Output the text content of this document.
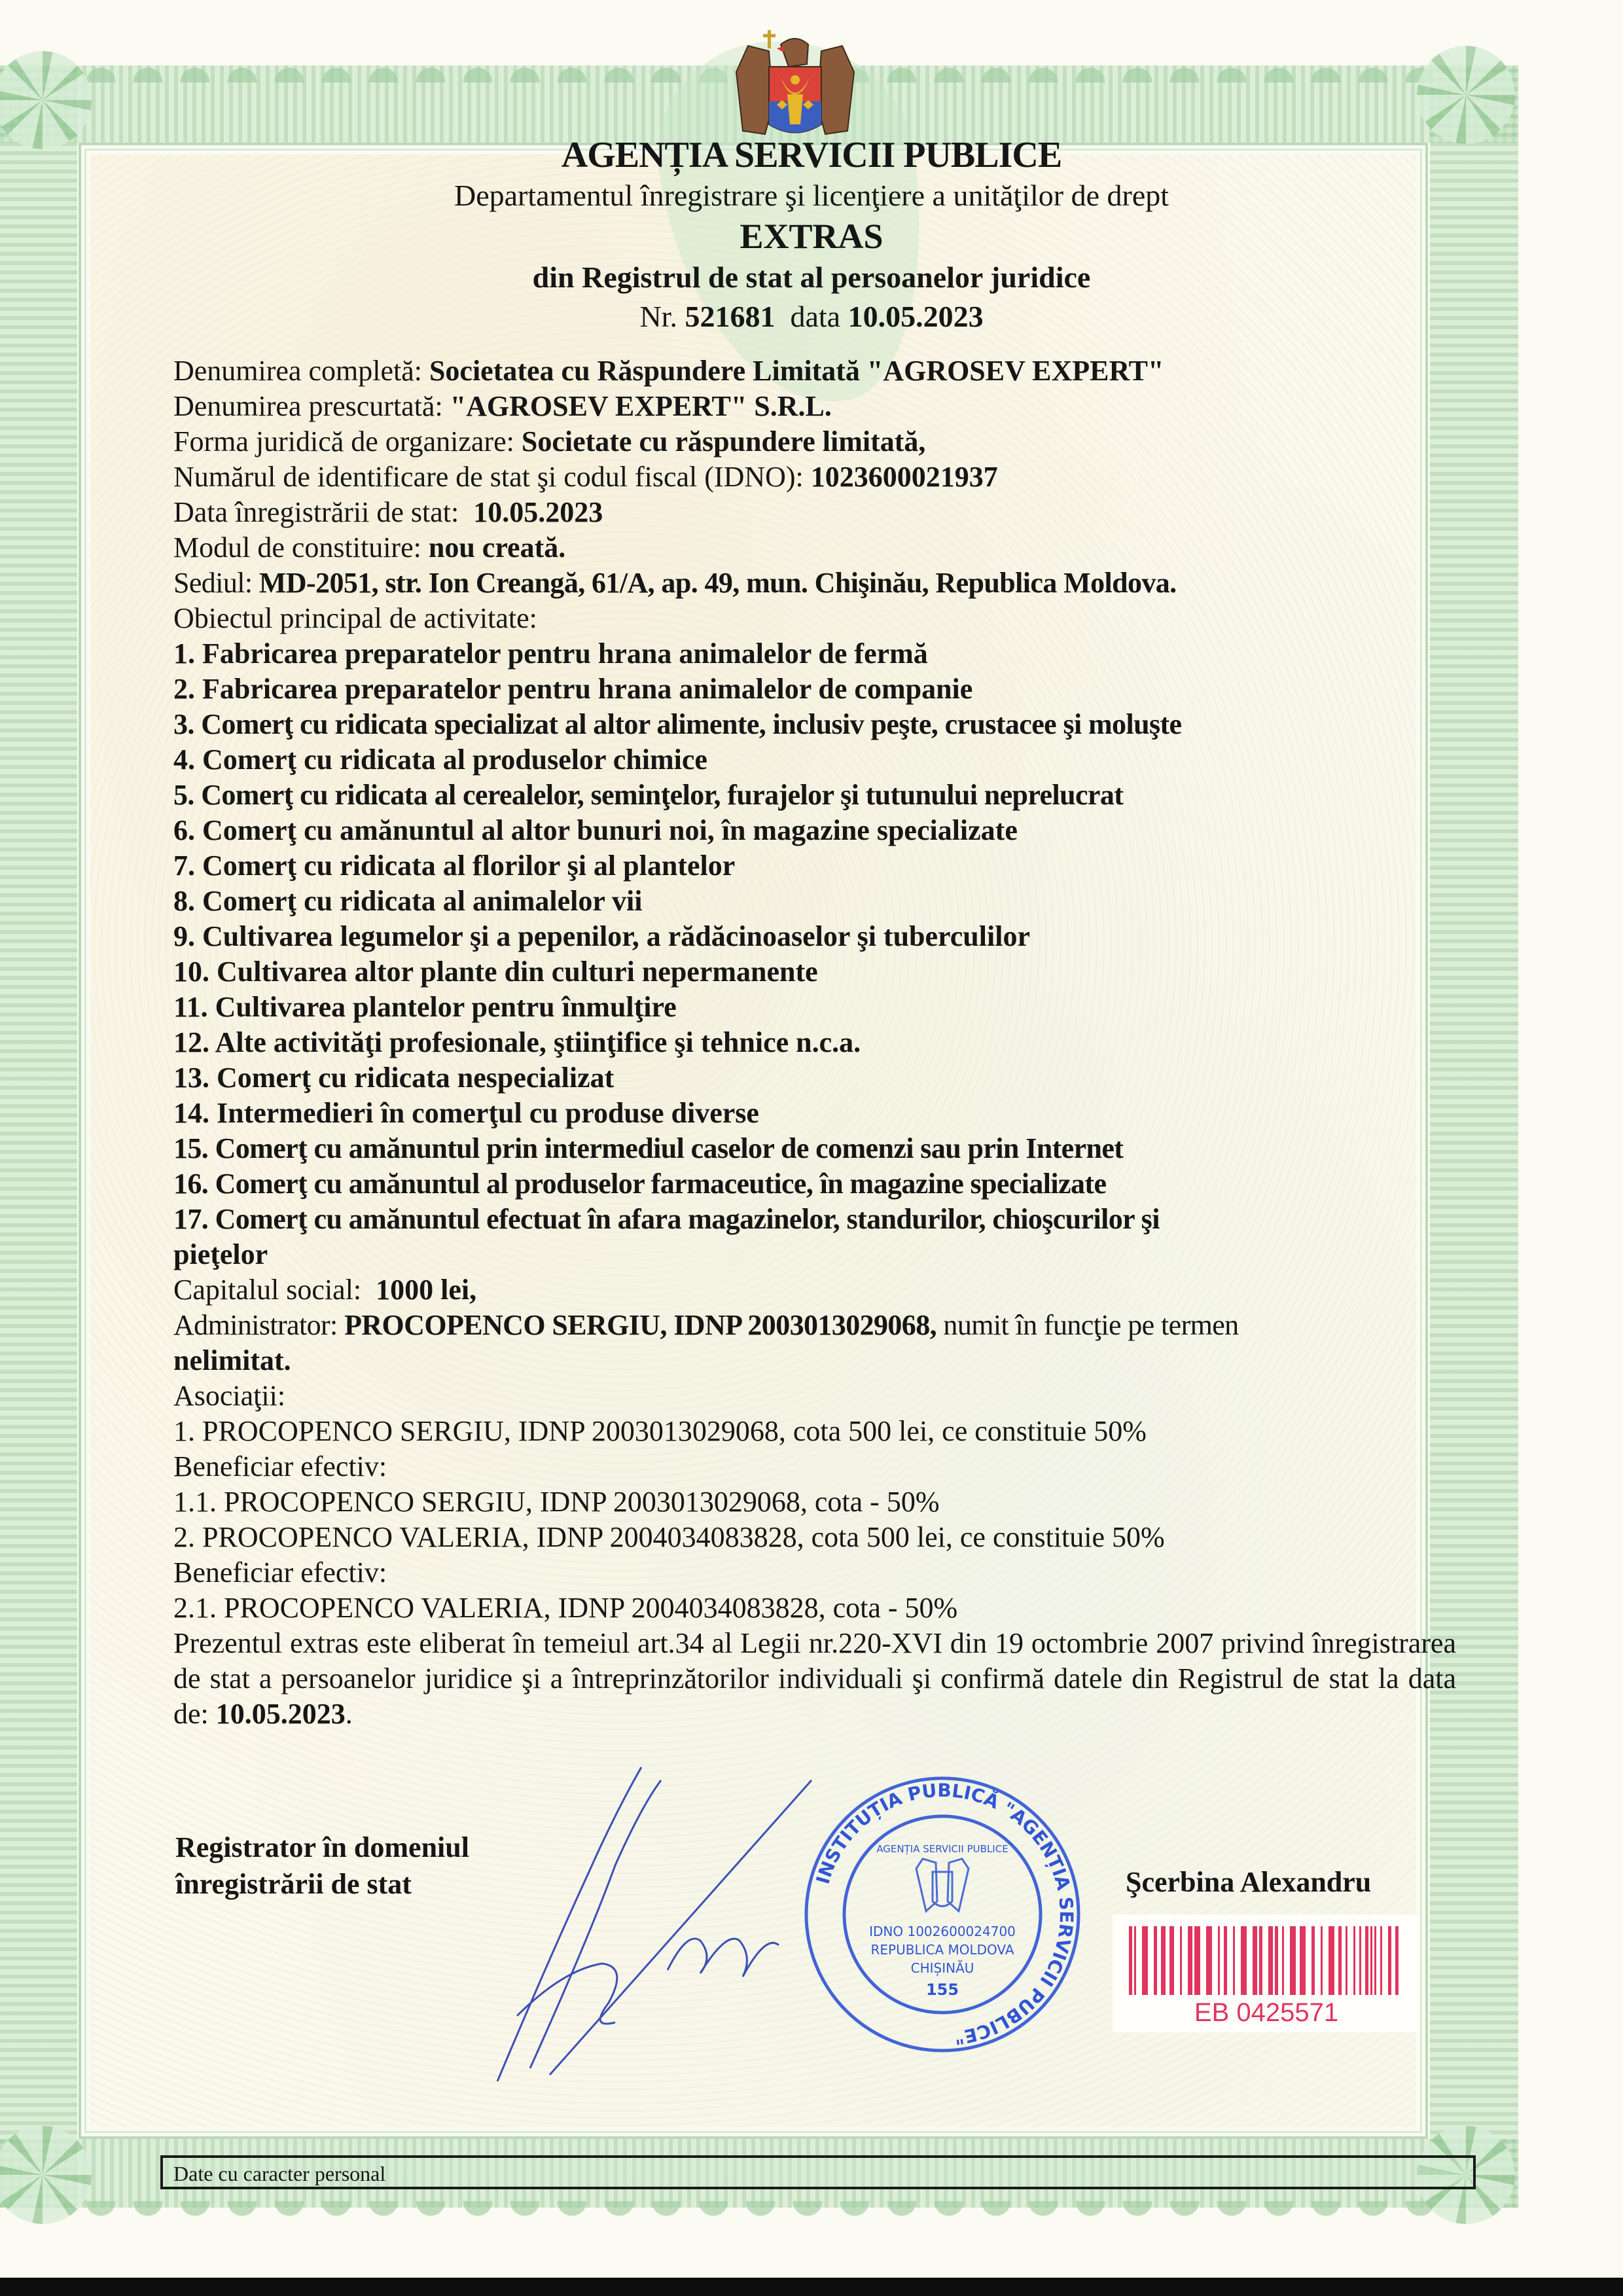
AGENȚIA SERVICII PUBLICE
Departamentul înregistrare şi licenţiere a unităţilor de drept
EXTRAS
din Registrul de stat al persoanelor juridice
Nr. 521681 data 10.05.2023
Denumirea completă: Societatea cu Răspundere Limitată "AGROSEV EXPERT"
Denumirea prescurtată: "AGROSEV EXPERT" S.R.L.
Forma juridică de organizare: Societate cu răspundere limitată,
Numărul de identificare de stat şi codul fiscal (IDNO): 1023600021937
Data înregistrării de stat: 10.05.2023
Modul de constituire: nou creată.
Sediul: MD-2051, str. Ion Creangă, 61/A, ap. 49, mun. Chişinău, Republica Moldova.
Obiectul principal de activitate:
1. Fabricarea preparatelor pentru hrana animalelor de fermă
2. Fabricarea preparatelor pentru hrana animalelor de companie
3. Comerţ cu ridicata specializat al altor alimente, inclusiv peşte, crustacee şi moluşte
4. Comerţ cu ridicata al produselor chimice
5. Comerţ cu ridicata al cerealelor, seminţelor, furajelor şi tutunului neprelucrat
6. Comerţ cu amănuntul al altor bunuri noi, în magazine specializate
7. Comerţ cu ridicata al florilor şi al plantelor
8. Comerţ cu ridicata al animalelor vii
9. Cultivarea legumelor şi a pepenilor, a rădăcinoaselor şi tuberculilor
10. Cultivarea altor plante din culturi nepermanente
11. Cultivarea plantelor pentru înmulţire
12. Alte activităţi profesionale, ştiinţifice şi tehnice n.c.a.
13. Comerţ cu ridicata nespecializat
14. Intermedieri în comerţul cu produse diverse
15. Comerţ cu amănuntul prin intermediul caselor de comenzi sau prin Internet
16. Comerţ cu amănuntul al produselor farmaceutice, în magazine specializate
17. Comerţ cu amănuntul efectuat în afara magazinelor, standurilor, chioşcurilor şi
pieţelor
Capitalul social: 1000 lei,
Administrator: PROCOPENCO SERGIU, IDNP 2003013029068, numit în funcţie pe termen
nelimitat.
Asociaţii:
1. PROCOPENCO SERGIU, IDNP 2003013029068, cota 500 lei, ce constituie 50%
Beneficiar efectiv:
1.1. PROCOPENCO SERGIU, IDNP 2003013029068, cota - 50%
2. PROCOPENCO VALERIA, IDNP 2004034083828, cota 500 lei, ce constituie 50%
Beneficiar efectiv:
2.1. PROCOPENCO VALERIA, IDNP 2004034083828, cota - 50%
Prezentul extras este eliberat în temeiul art.34 al Legii nr.220-XVI din 19 octombrie 2007 privind înregistrarea de stat a persoanelor juridice şi a întreprinzătorilor individuali şi confirmă datele din Registrul de stat la data de: 10.05.2023.
INSTITUȚIA PUBLICĂ "AGENȚIA SERVICII PUBLICE"
AGENȚIA SERVICII PUBLICE
IDNO 1002600024700
REPUBLICA MOLDOVA
CHIȘINĂU
155
Registrator în domeniul
înregistrării de stat	Şcerbina Alexandru
EB 0425571
Date cu caracter personal
